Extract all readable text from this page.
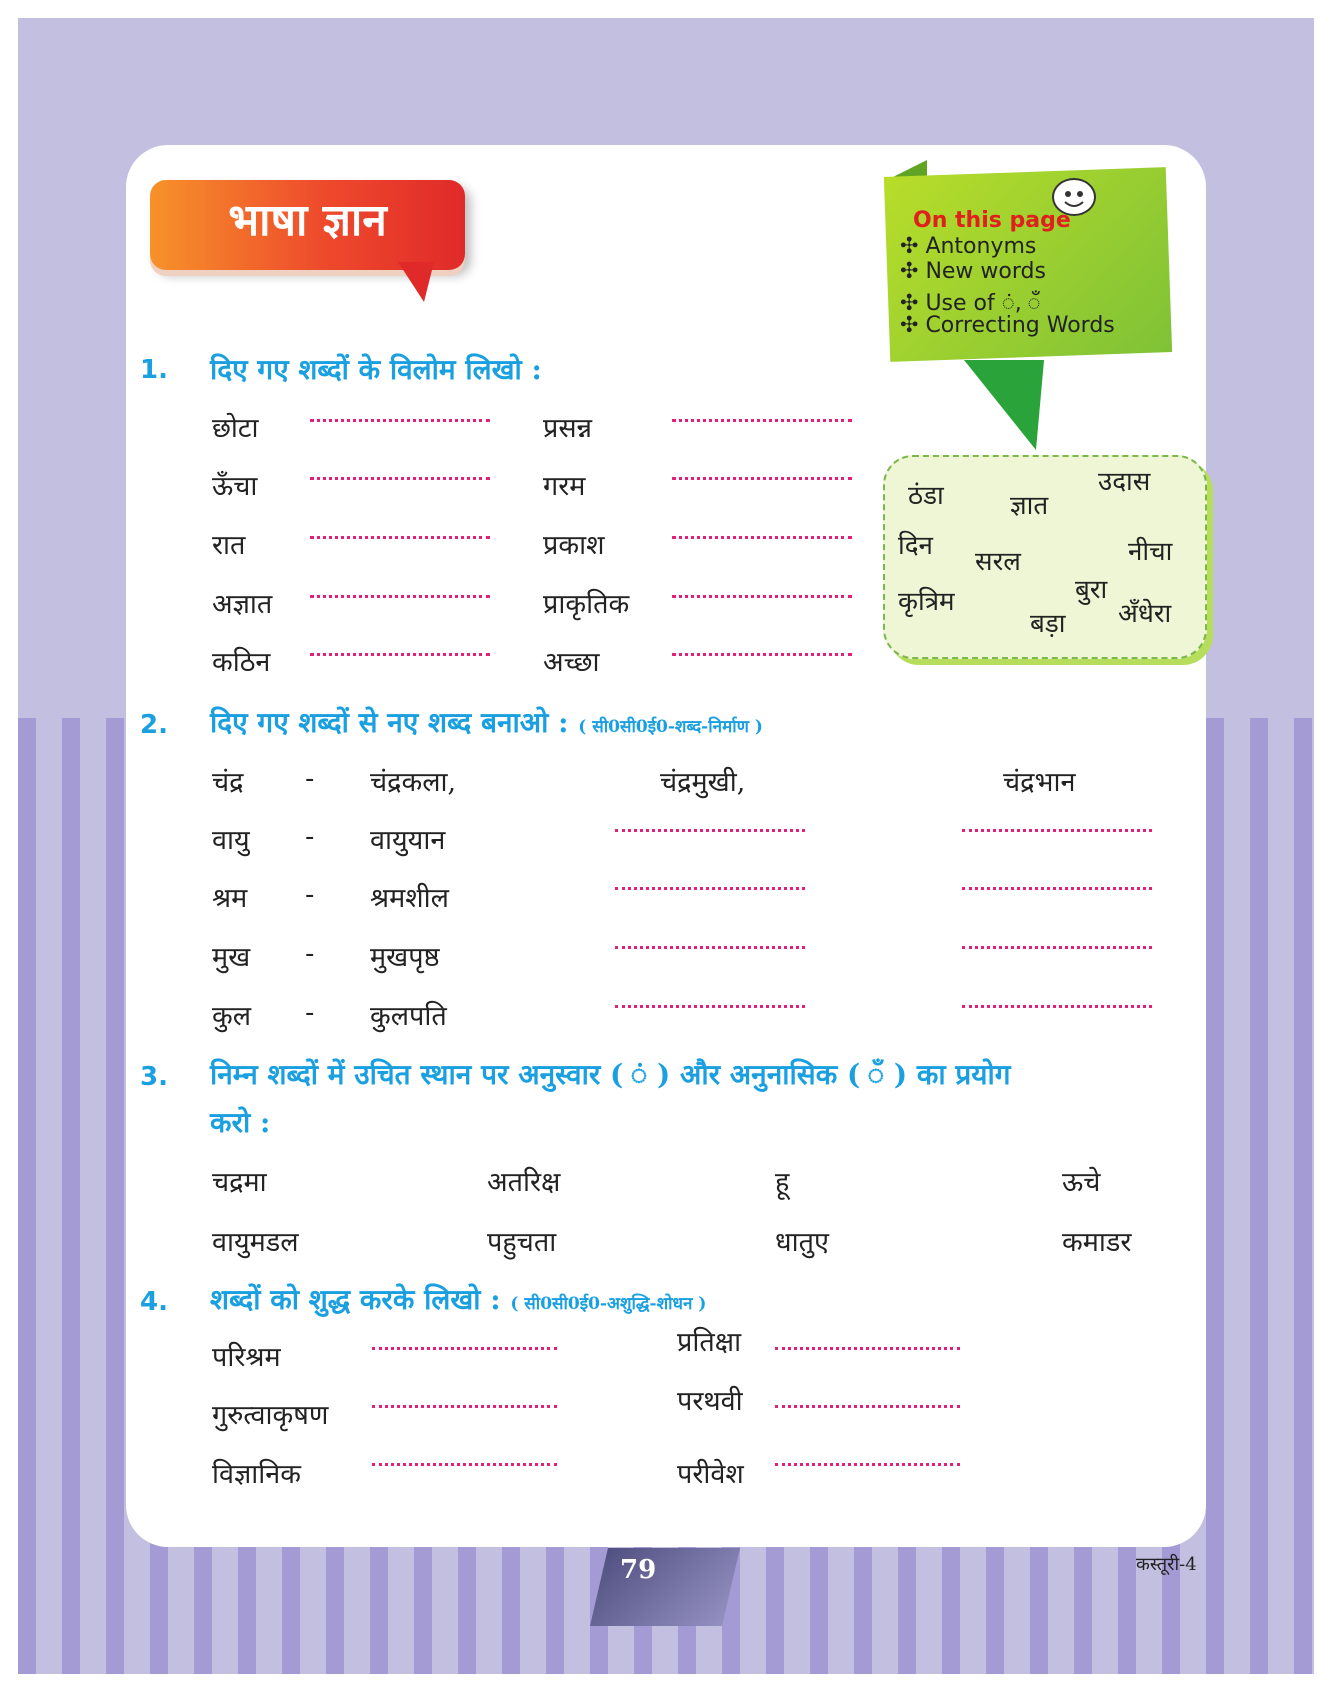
भाषा ज्ञान	On this page
✣ Antonyms
✣ New words
✣ Use of ं, ँ
✣ Correcting Words
ठंडा	ज्ञात
उदास
दिन
सरल	नीचा
कृत्रिम	बुरा
बड़ा अँधेरा
1. दिए गए शब्दों के विलोम लिखो :
छोटा	प्रसन्न
ऊँचा	गरम
रात	प्रकाश
अज्ञात	प्राकृतिक
कठिन	अच्छा
2. दिए गए शब्दों से नए शब्द बनाओ : ( सी0सी0ई0-शब्द-निर्माण )
चंद्र - चंद्रकला,	चंद्रमुखी,	चंद्रभान
वायु - वायुयान
श्रम - श्रमशील
मुख - मुखपृष्ठ
कुल - कुलपति
3. निम्न शब्दों में उचित स्थान पर अनुस्वार ( ं ) और अनुनासिक ( ँ ) का प्रयोग
करो :
चद्रमा	अतरिक्ष	हू	ऊचे
वायुमडल	पहुचता	धातुए	कमाडर
4. शब्दों को शुद्ध करके लिखो : ( सी0सी0ई0-अशुद्धि-शोधन )
परिश्रम	प्रतिक्षा
गुरुत्वाकृषण	परथवी
विज्ञानिक	परीवेश
79	कस्तूरी-4
